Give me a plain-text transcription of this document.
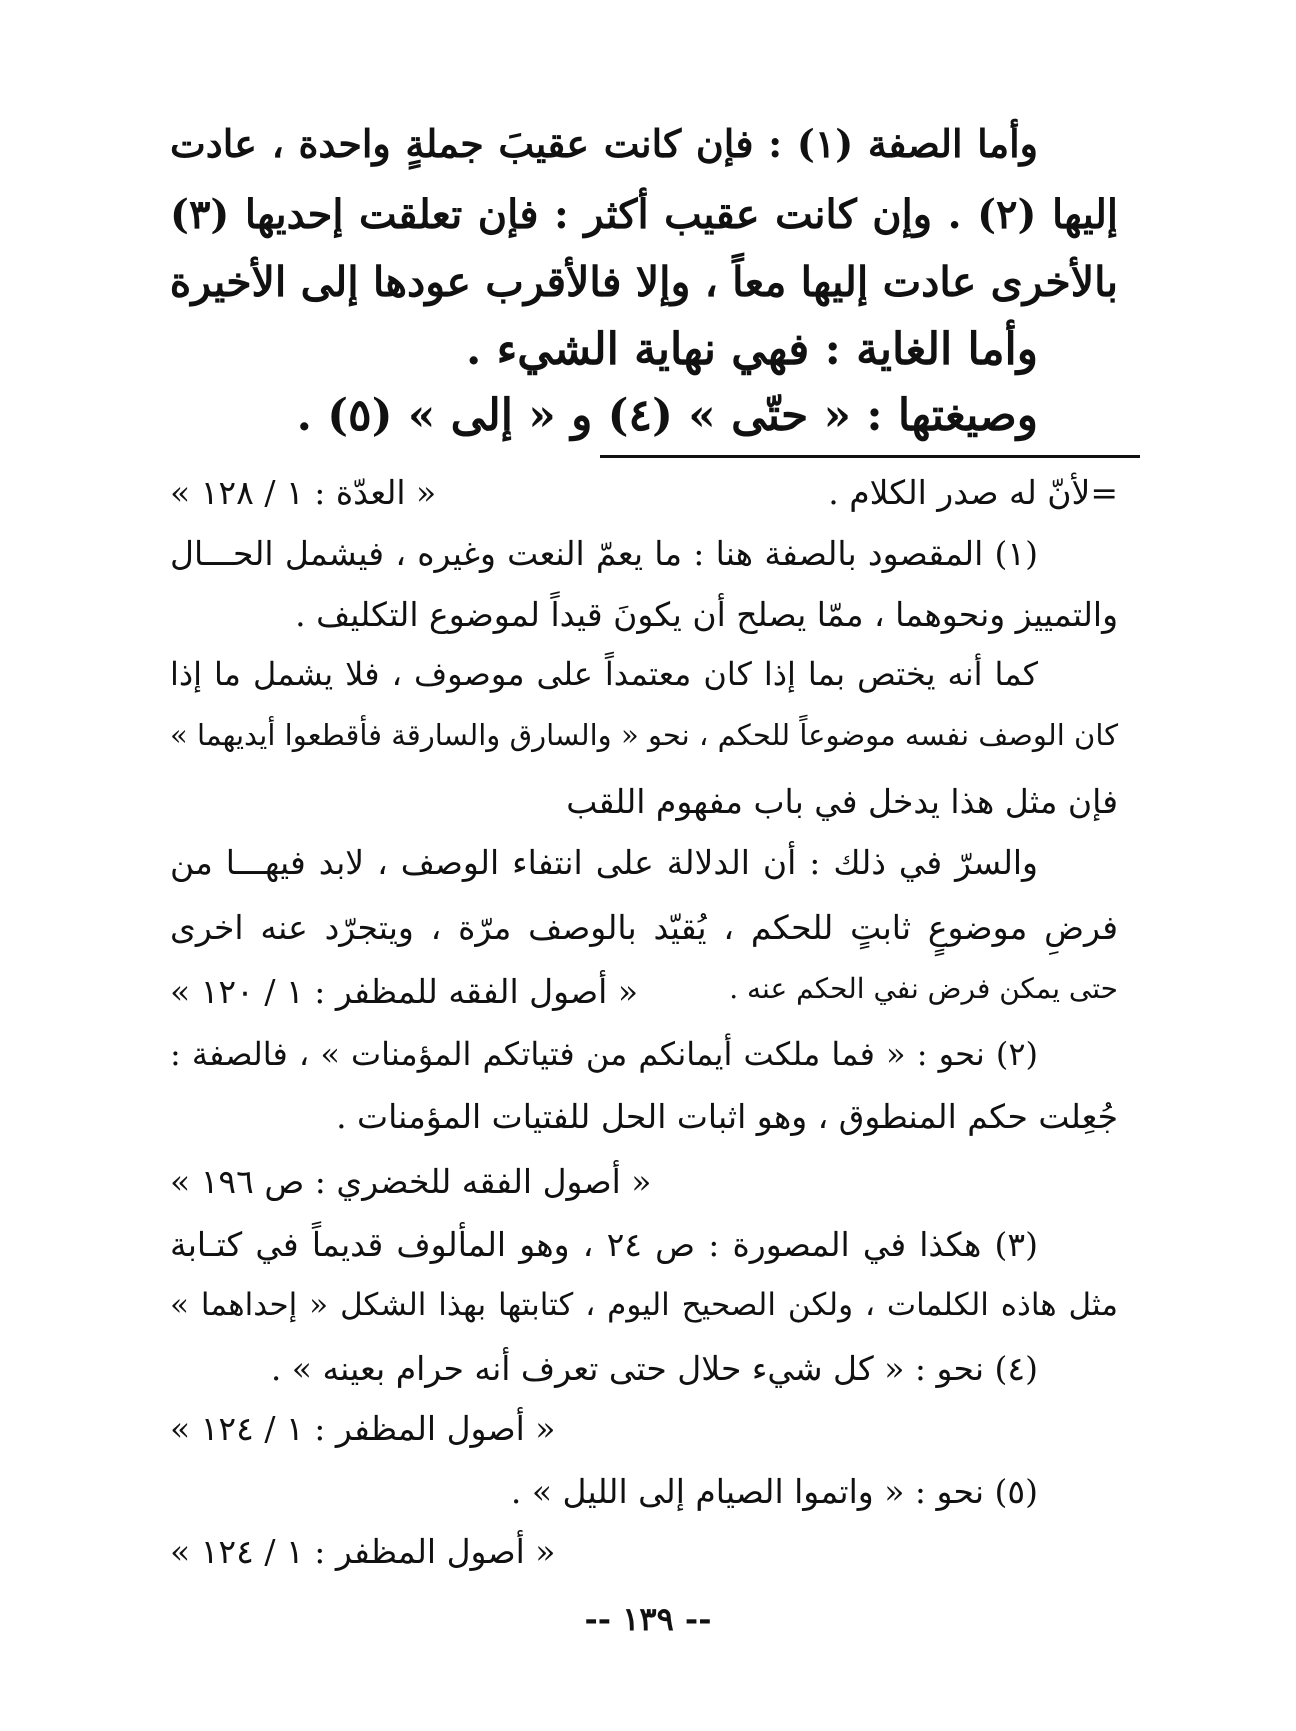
وأما الصفة (١) : فإن كانت عقيبَ جملةٍ واحدة ، عادت
إليها (٢) . وإن كانت عقيب أكثر : فإن تعلقت إحديها (٣)
بالأخرى عادت إليها معاً ، وإلا فالأقرب عودها إلى الأخيرة
وأما الغاية : فهي نهاية الشيء .
وصيغتها : « حتّى » (٤) و « إلى » (٥) .
=لأنّ له صدر الكلام .
« العدّة : ١ / ١٢٨ »
(١) المقصود بالصفة هنا : ما يعمّ النعت وغيره ، فيشمل الحـــال
والتمييز ونحوهما ، ممّا يصلح أن يكونَ قيداً لموضوع التكليف .
كما أنه يختص بما إذا كان معتمداً على موصوف ، فلا يشمل ما إذا
كان الوصف نفسه موضوعاً للحكم ، نحو « والسارق والسارقة فأقطعوا أيديهما »
فإن مثل هذا يدخل في باب مفهوم اللقب
والسرّ في ذلك : أن الدلالة على انتفاء الوصف ، لابد فيهـــا من
فرضِ موضوعٍ ثابتٍ للحكم ، يُقيّد بالوصف مرّة ، ويتجرّد عنه اخرى
حتى يمكن فرض نفي الحكم عنه .
« أصول الفقه للمظفر : ١ / ١٢٠ »
(٢) نحو : « فما ملكت أيمانكم من فتياتكم المؤمنات » ، فالصفة :
جُعِلت حكم المنطوق ، وهو اثبات الحل للفتيات المؤمنات .
« أصول الفقه للخضري : ص ١٩٦ »
(٣) هكذا في المصورة : ص ٢٤ ، وهو المألوف قديماً في كتـابة
مثل هاذه الكلمات ، ولكن الصحيح اليوم ، كتابتها بهذا الشكل « إحداهما »
(٤) نحو : « كل شيء حلال حتى تعرف أنه حرام بعينه » .
« أصول المظفر : ١ / ١٢٤ »
(٥) نحو : « واتموا الصيام إلى الليل » .
« أصول المظفر : ١ / ١٢٤ »
-- ١٣٩ --
